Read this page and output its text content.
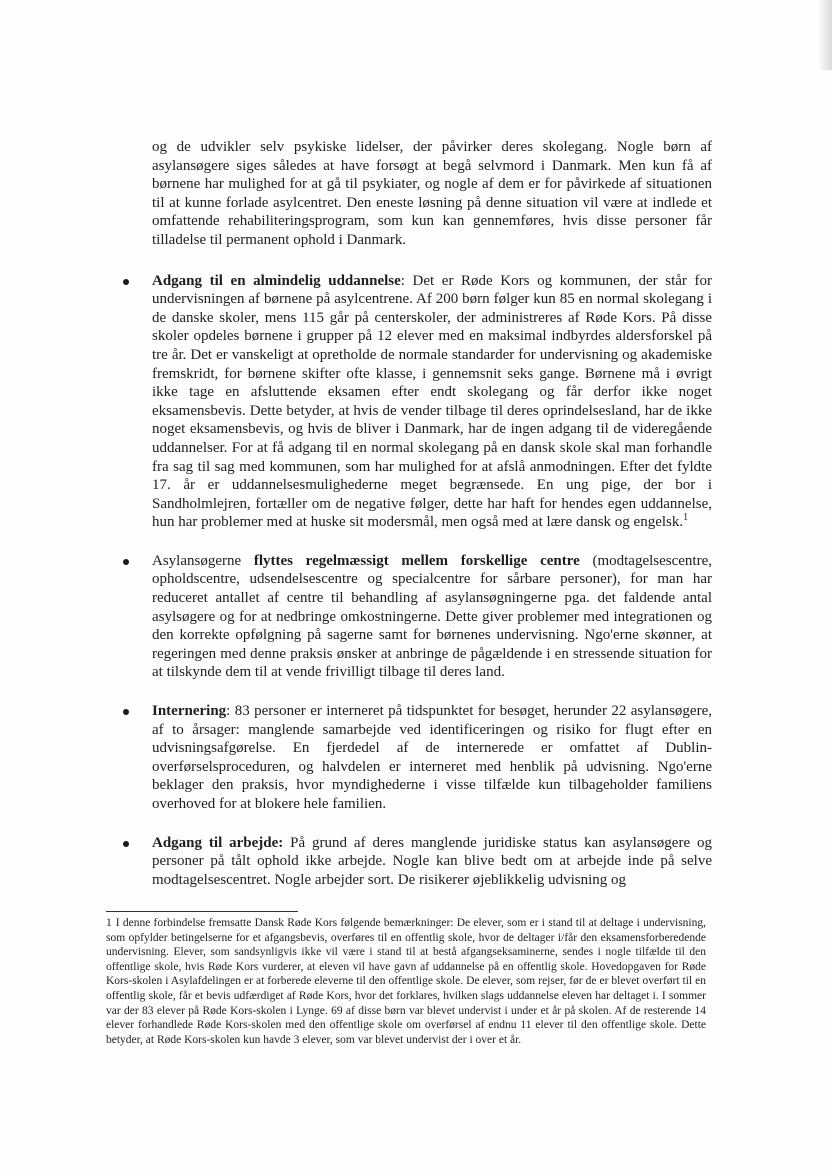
og de udvikler selv psykiske lidelser, der påvirker deres skolegang. Nogle børn af asylansøgere siges således at have forsøgt at begå selvmord i Danmark. Men kun få af børnene har mulighed for at gå til psykiater, og nogle af dem er for påvirkede af situationen til at kunne forlade asylcentret. Den eneste løsning på denne situation vil være at indlede et omfattende rehabiliteringsprogram, som kun kan gennemføres, hvis disse personer får tilladelse til permanent ophold i Danmark.

Adgang til en almindelig uddannelse: Det er Røde Kors og kommunen, der står for undervisningen af børnene på asylcentrene. Af 200 børn følger kun 85 en normal skolegang i de danske skoler, mens 115 går på centerskoler, der administreres af Røde Kors. På disse skoler opdeles børnene i grupper på 12 elever med en maksimal indbyrdes aldersforskel på tre år. Det er vanskeligt at opretholde de normale standarder for undervisning og akademiske fremskridt, for børnene skifter ofte klasse, i gennemsnit seks gange. Børnene må i øvrigt ikke tage en afsluttende eksamen efter endt skolegang og får derfor ikke noget eksamensbevis. Dette betyder, at hvis de vender tilbage til deres oprindelsesland, har de ikke noget eksamensbevis, og hvis de bliver i Danmark, har de ingen adgang til de videregående uddannelser. For at få adgang til en normal skolegang på en dansk skole skal man forhandle fra sag til sag med kommunen, som har mulighed for at afslå anmodningen. Efter det fyldte 17. år er uddannelsesmulighederne meget begrænsede. En ung pige, der bor i Sandholmlejren, fortæller om de negative følger, dette har haft for hendes egen uddannelse, hun har problemer med at huske sit modersmål, men også med at lære dansk og engelsk.$^1$
Asylansøgerne flyttes regelmæssigt mellem forskellige centre (modtagelsescentre, opholdscentre, udsendelsescentre og specialcentre for sårbare personer), for man har reduceret antallet af centre til behandling af asylansøgningerne pga. det faldende antal asylsøgere og for at nedbringe omkostningerne. Dette giver problemer med integrationen og den korrekte opfølgning på sagerne samt for børnenes undervisning. Ngo'erne skønner, at regeringen med denne praksis ønsker at anbringe de pågældende i en stressende situation for at tilskynde dem til at vende frivilligt tilbage til deres land.
Internering: 83 personer er interneret på tidspunktet for besøget, herunder 22 asylansøgere, af to årsager: manglende samarbejde ved identificeringen og risiko for flugt efter en udvisningsafgørelse. En fjerdedel af de internerede er omfattet af Dublin-overførselsproceduren, og halvdelen er interneret med henblik på udvisning. Ngo'erne beklager den praksis, hvor myndighederne i visse tilfælde kun tilbageholder familiens overhoved for at blokere hele familien.
Adgang til arbejde: På grund af deres manglende juridiske status kan asylansøgere og personer på tålt ophold ikke arbejde. Nogle kan blive bedt om at arbejde inde på selve modtagelsescentret. Nogle arbejder sort. De risikerer øjeblikkelig udvisning og
1 I denne forbindelse fremsatte Dansk Røde Kors følgende bemærkninger: De elever, som er i stand til at deltage i undervisning, som opfylder betingelserne for et afgangsbevis, overføres til en offentlig skole, hvor de deltager i/får den eksamensforberedende undervisning. Elever, som sandsynligvis ikke vil være i stand til at bestå afgangseksaminerne, sendes i nogle tilfælde til den offentlige skole, hvis Røde Kors vurderer, at eleven vil have gavn af uddannelse på en offentlig skole. Hovedopgaven for Røde Kors-skolen i Asylafdelingen er at forberede eleverne til den offentlige skole. De elever, som rejser, før de er blevet overført til en offentlig skole, får et bevis udfærdiget af Røde Kors, hvor det forklares, hvilken slags uddannelse eleven har deltaget i. I sommer var der 83 elever på Røde Kors-skolen i Lynge. 69 af disse børn var blevet undervist i under et år på skolen. Af de resterende 14 elever forhandlede Røde Kors-skolen med den offentlige skole om overførsel af endnu 11 elever til den offentlige skole. Dette betyder, at Røde Kors-skolen kun havde 3 elever, som var blevet undervist der i over et år.
